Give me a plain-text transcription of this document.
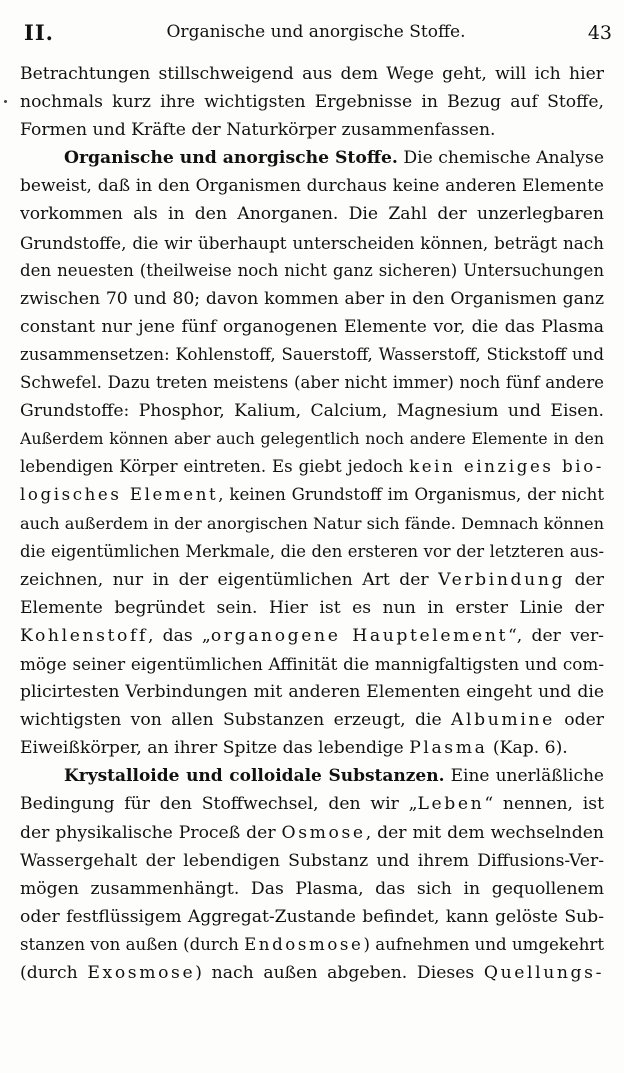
II.	Organische und anorgische Stoffe.	43
Betrachtungen stillschweigend aus dem Wege geht, will ich hier
nochmals kurz ihre wichtigsten Ergebnisse in Bezug auf Stoffe,
Formen und Kräfte der Naturkörper zusammenfassen.
Organische und anorgische Stoffe. Die chemische Analyse
beweist, daß in den Organismen durchaus keine anderen Elemente
vorkommen als in den Anorganen. Die Zahl der unzerlegbaren
Grundstoffe, die wir überhaupt unterscheiden können, beträgt nach
den neuesten (theilweise noch nicht ganz sicheren) Untersuchungen
zwischen 70 und 80; davon kommen aber in den Organismen ganz
constant nur jene fünf organogenen Elemente vor, die das Plasma
zusammensetzen: Kohlenstoff, Sauerstoff, Wasserstoff, Stickstoff und
Schwefel. Dazu treten meistens (aber nicht immer) noch fünf andere
Grundstoffe: Phosphor, Kalium, Calcium, Magnesium und Eisen.
Außerdem können aber auch gelegentlich noch andere Elemente in den
lebendigen Körper eintreten. Es giebt jedoch kein einziges bio-
logisches Element, keinen Grundstoff im Organismus, der nicht
auch außerdem in der anorgischen Natur sich fände. Demnach können
die eigentümlichen Merkmale, die den ersteren vor der letzteren aus-
zeichnen, nur in der eigentümlichen Art der Verbindung der
Elemente begründet sein. Hier ist es nun in erster Linie der
Kohlenstoff, das „organogene Hauptelement“, der ver-
möge seiner eigentümlichen Affinität die mannigfaltigsten und com-
plicirtesten Verbindungen mit anderen Elementen eingeht und die
wichtigsten von allen Substanzen erzeugt, die Albumine oder
Eiweißkörper, an ihrer Spitze das lebendige Plasma (Kap. 6).
Krystalloide und colloidale Substanzen. Eine unerläßliche
Bedingung für den Stoffwechsel, den wir „Leben“ nennen, ist
der physikalische Proceß der Osmose, der mit dem wechselnden
Wassergehalt der lebendigen Substanz und ihrem Diffusions-Ver-
mögen zusammenhängt. Das Plasma, das sich in gequollenem
oder festflüssigem Aggregat-Zustande befindet, kann gelöste Sub-
stanzen von außen (durch Endosmose) aufnehmen und umgekehrt
(durch Exosmose) nach außen abgeben. Dieses Quellungs-
